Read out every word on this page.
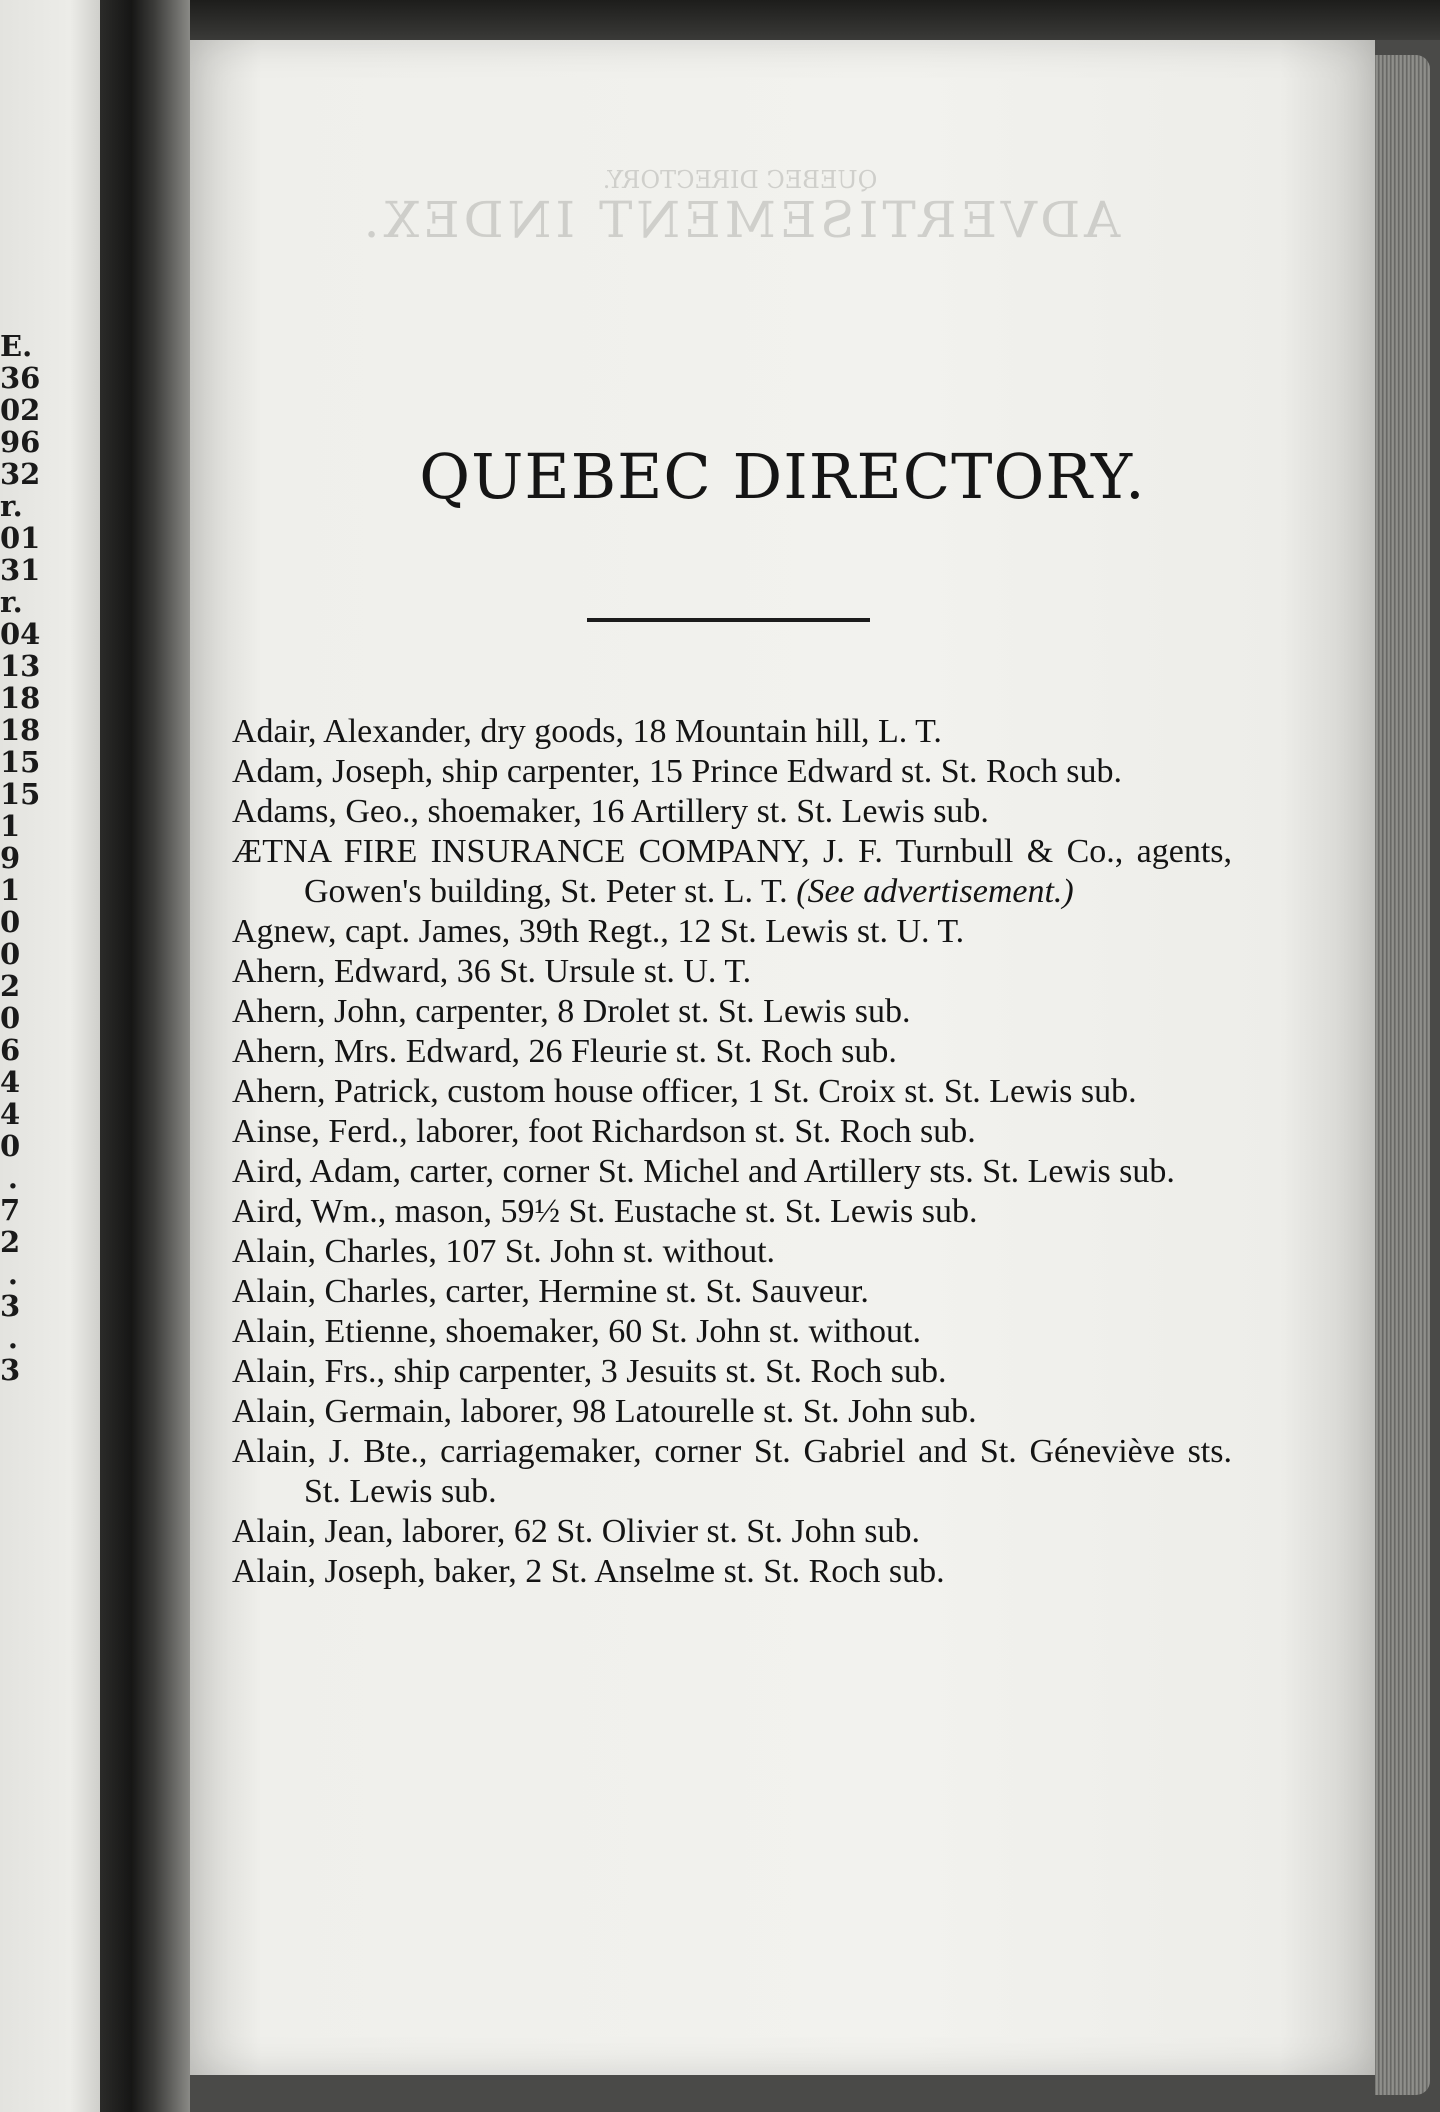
E.
36
02
96
32
r.
01
31
r.
04
13
18
18
15
15
1
9
1
0
0
2
0
6
4
4
0
.
7
2
.
3
.
3
QUEBEC DIRECTORY.
ADVERTISEMENT INDEX.
QUEBEC DIRECTORY.
Adair, Alexander, dry goods, 18 Mountain hill, L. T.
Adam, Joseph, ship carpenter, 15 Prince Edward st. St. Roch sub.
Adams, Geo., shoemaker, 16 Artillery st. St. Lewis sub.
ÆTNA FIRE INSURANCE COMPANY, J. F. Turnbull & Co., agents, Gowen's building, St. Peter st. L. T. (See advertisement.)
Agnew, capt. James, 39th Regt., 12 St. Lewis st. U. T.
Ahern, Edward, 36 St. Ursule st. U. T.
Ahern, John, carpenter, 8 Drolet st. St. Lewis sub.
Ahern, Mrs. Edward, 26 Fleurie st. St. Roch sub.
Ahern, Patrick, custom house officer, 1 St. Croix st. St. Lewis sub.
Ainse, Ferd., laborer, foot Richardson st. St. Roch sub.
Aird, Adam, carter, corner St. Michel and Artillery sts. St. Lewis sub.
Aird, Wm., mason, 59½ St. Eustache st. St. Lewis sub.
Alain, Charles, 107 St. John st. without.
Alain, Charles, carter, Hermine st. St. Sauveur.
Alain, Etienne, shoemaker, 60 St. John st. without.
Alain, Frs., ship carpenter, 3 Jesuits st. St. Roch sub.
Alain, Germain, laborer, 98 Latourelle st. St. John sub.
Alain, J. Bte., carriagemaker, corner St. Gabriel and St. Géneviève sts. St. Lewis sub.
Alain, Jean, laborer, 62 St. Olivier st. St. John sub.
Alain, Joseph, baker, 2 St. Anselme st. St. Roch sub.
